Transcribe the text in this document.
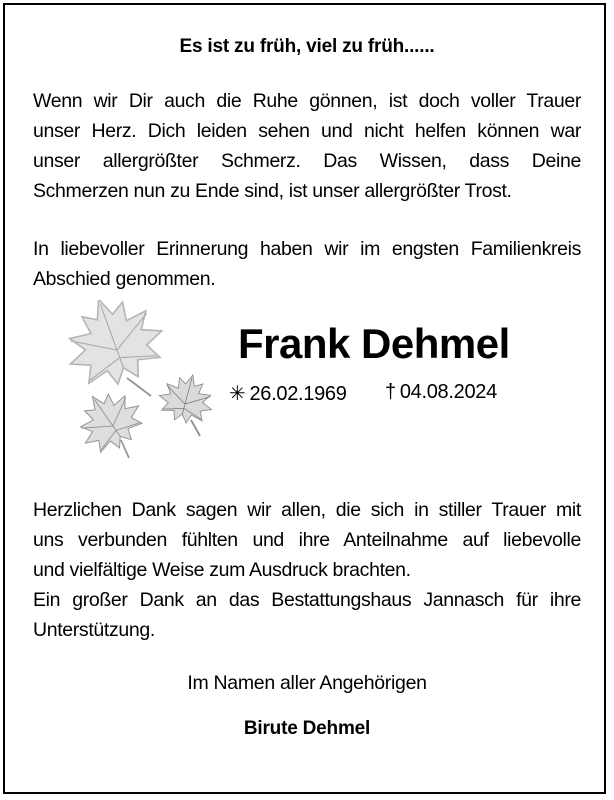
Es ist zu früh, viel zu früh......
Wenn wir Dir auch die Ruhe gönnen, ist doch voller Trauer
unser Herz. Dich leiden sehen und nicht helfen können war
unser allergrößter Schmerz. Das Wissen, dass Deine
Schmerzen nun zu Ende sind, ist unser allergrößter Trost.
In liebevoller Erinnerung haben wir im engsten Familienkreis
Abschied genommen.
Frank Dehmel
✳ 26.02.1969 † 04.08.2024
Herzlichen Dank sagen wir allen, die sich in stiller Trauer mit
uns verbunden fühlten und ihre Anteilnahme auf liebevolle
und vielfältige Weise zum Ausdruck brachten.
Ein großer Dank an das Bestattungshaus Jannasch für ihre
Unterstützung.
Im Namen aller Angehörigen
Birute Dehmel
